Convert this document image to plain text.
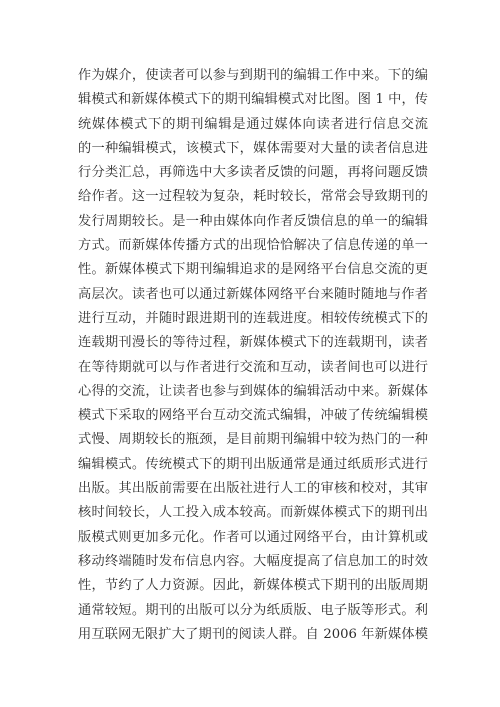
作为媒介，使读者可以参与到期刊的编辑工作中来。下的编
辑模式和新媒体模式下的期刊编辑模式对比图。图 1 中，传
统媒体模式下的期刊编辑是通过媒体向读者进行信息交流
的一种编辑模式，该模式下，媒体需要对大量的读者信息进
行分类汇总，再筛选中大多读者反馈的问题，再将问题反馈
给作者。这一过程较为复杂，耗时较长，常常会导致期刊的
发行周期较长。是一种由媒体向作者反馈信息的单一的编辑
方式。而新媒体传播方式的出现恰恰解决了信息传递的单一
性。新媒体模式下期刊编辑追求的是网络平台信息交流的更
高层次。读者也可以通过新媒体网络平台来随时随地与作者
进行互动，并随时跟进期刊的连载进度。相较传统模式下的
连载期刊漫长的等待过程，新媒体模式下的连载期刊，读者
在等待期就可以与作者进行交流和互动，读者间也可以进行
心得的交流，让读者也参与到媒体的编辑活动中来。新媒体
模式下采取的网络平台互动交流式编辑，冲破了传统编辑模
式慢、周期较长的瓶颈，是目前期刊编辑中较为热门的一种
编辑模式。传统模式下的期刊出版通常是通过纸质形式进行
出版。其出版前需要在出版社进行人工的审核和校对，其审
核时间较长，人工投入成本较高。而新媒体模式下的期刊出
版模式则更加多元化。作者可以通过网络平台，由计算机或
移动终端随时发布信息内容。大幅度提高了信息加工的时效
性，节约了人力资源。因此，新媒体模式下期刊的出版周期
通常较短。期刊的出版可以分为纸质版、电子版等形式。利
用互联网无限扩大了期刊的阅读人群。自 2006 年新媒体模
